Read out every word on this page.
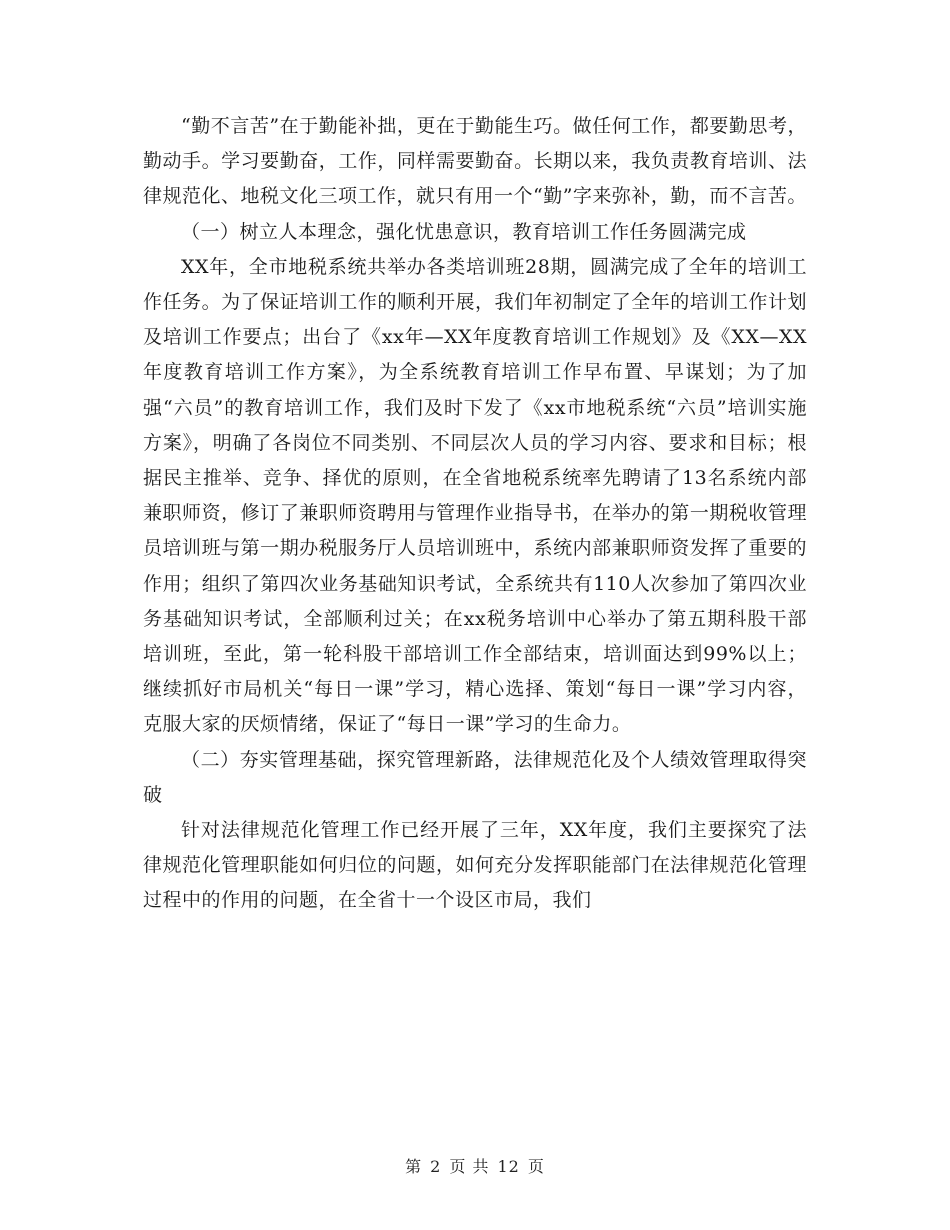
“勤不言苦”在于勤能补拙，更在于勤能生巧。做任何工作，都要勤思考，勤动手。学习要勤奋，工作，同样需要勤奋。长期以来，我负责教育培训、法律规范化、地税文化三项工作，就只有用一个“勤”字来弥补，勤，而不言苦。

（一）树立人本理念，强化忧患意识，教育培训工作任务圆满完成

XX年，全市地税系统共举办各类培训班28期，圆满完成了全年的培训工作任务。为了保证培训工作的顺利开展，我们年初制定了全年的培训工作计划及培训工作要点；出台了《xx年—XX年度教育培训工作规划》及《XX—XX年度教育培训工作方案》，为全系统教育培训工作早布置、早谋划；为了加强“六员”的教育培训工作，我们及时下发了《xx市地税系统“六员”培训实施方案》，明确了各岗位不同类别、不同层次人员的学习内容、要求和目标；根据民主推举、竞争、择优的原则，在全省地税系统率先聘请了13名系统内部兼职师资，修订了兼职师资聘用与管理作业指导书，在举办的第一期税收管理员培训班与第一期办税服务厅人员培训班中，系统内部兼职师资发挥了重要的作用；组织了第四次业务基础知识考试，全系统共有110人次参加了第四次业务基础知识考试，全部顺利过关；在xx税务培训中心举办了第五期科股干部培训班，至此，第一轮科股干部培训工作全部结束，培训面达到99%以上；继续抓好市局机关“每日一课”学习，精心选择、策划“每日一课”学习内容，克服大家的厌烦情绪，保证了“每日一课”学习的生命力。

（二）夯实管理基础，探究管理新路，法律规范化及个人绩效管理取得突破

针对法律规范化管理工作已经开展了三年，XX年度，我们主要探究了法律规范化管理职能如何归位的问题，如何充分发挥职能部门在法律规范化管理过程中的作用的问题，在全省十一个设区市局，我们

第 2 页 共 12 页
